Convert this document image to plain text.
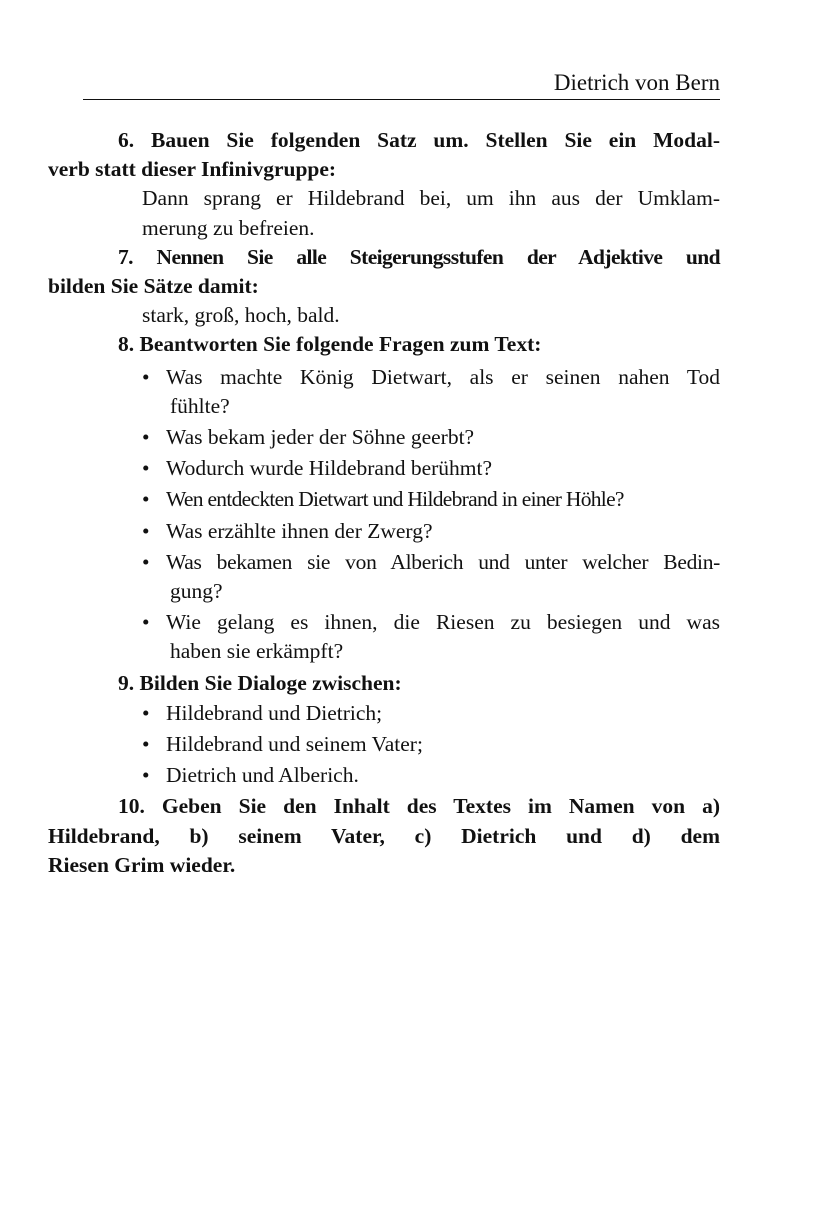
Dietrich von Bern
6. Bauen Sie folgenden Satz um. Stellen Sie ein Modal-
verb statt dieser Infinivgruppe:
Dann sprang er Hildebrand bei, um ihn aus der Umklam-
merung zu befreien.
7. Nennen Sie alle Steigerungsstufen der Adjektive und
bilden Sie Sätze damit:
stark, groß, hoch, bald.
8. Beantworten Sie folgende Fragen zum Text:
• Was machte König Dietwart, als er seinen nahen Tod
fühlte?
• Was bekam jeder der Söhne geerbt?
• Wodurch wurde Hildebrand berühmt?
• Wen entdeckten Dietwart und Hildebrand in einer Höhle?
• Was erzählte ihnen der Zwerg?
• Was bekamen sie von Alberich und unter welcher Bedin-
gung?
• Wie gelang es ihnen, die Riesen zu besiegen und was
haben sie erkämpft?
9. Bilden Sie Dialoge zwischen:
• Hildebrand und Dietrich;
• Hildebrand und seinem Vater;
• Dietrich und Alberich.
10. Geben Sie den Inhalt des Textes im Namen von a)
Hildebrand, b) seinem Vater, c) Dietrich und d) dem
Riesen Grim wieder.
